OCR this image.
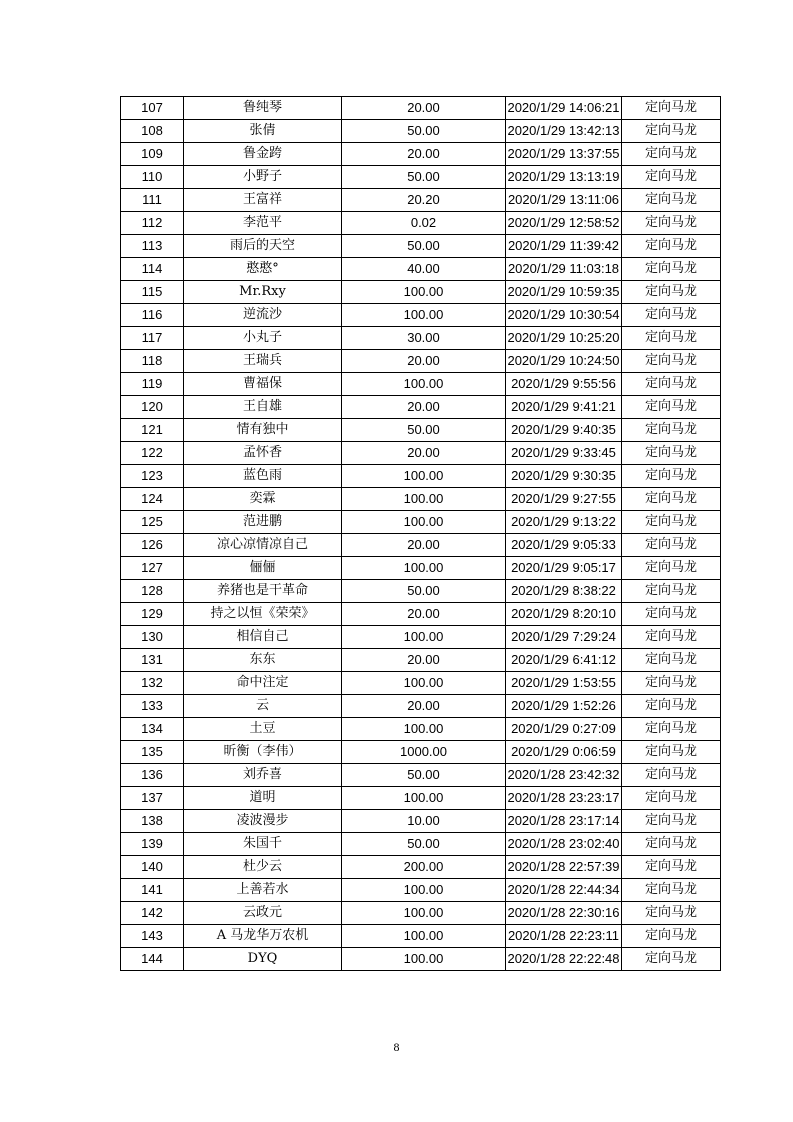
107	鲁纯琴	20.00	2020/1/29 14:06:21	定向马龙
108	张倩	50.00	2020/1/29 13:42:13	定向马龙
109	鲁金跨	20.00	2020/1/29 13:37:55	定向马龙
110	小野子	50.00	2020/1/29 13:13:19	定向马龙
111	王富祥	20.20	2020/1/29 13:11:06	定向马龙
112	李范平	0.02	2020/1/29 12:58:52	定向马龙
113	雨后的天空	50.00	2020/1/29 11:39:42	定向马龙
114	憨憨°	40.00	2020/1/29 11:03:18	定向马龙
115	Mr.Rxy	100.00	2020/1/29 10:59:35	定向马龙
116	逆流沙	100.00	2020/1/29 10:30:54	定向马龙
117	小丸子	30.00	2020/1/29 10:25:20	定向马龙
118	王瑞兵	20.00	2020/1/29 10:24:50	定向马龙
119	曹福保	100.00	2020/1/29 9:55:56	定向马龙
120	王自雄	20.00	2020/1/29 9:41:21	定向马龙
121	情有独中	50.00	2020/1/29 9:40:35	定向马龙
122	孟怀香	20.00	2020/1/29 9:33:45	定向马龙
123	蓝色雨	100.00	2020/1/29 9:30:35	定向马龙
124	奕霖	100.00	2020/1/29 9:27:55	定向马龙
125	范进鹏	100.00	2020/1/29 9:13:22	定向马龙
126	凉心凉情凉自己	20.00	2020/1/29 9:05:33	定向马龙
127	俪俪	100.00	2020/1/29 9:05:17	定向马龙
128	养猪也是干革命	50.00	2020/1/29 8:38:22	定向马龙
129	持之以恒《荣荣》	20.00	2020/1/29 8:20:10	定向马龙
130	相信自己	100.00	2020/1/29 7:29:24	定向马龙
131	东东	20.00	2020/1/29 6:41:12	定向马龙
132	命中注定	100.00	2020/1/29 1:53:55	定向马龙
133	云	20.00	2020/1/29 1:52:26	定向马龙
134	土豆	100.00	2020/1/29 0:27:09	定向马龙
135	昕衡（李伟）	1000.00	2020/1/29 0:06:59	定向马龙
136	刘乔喜	50.00	2020/1/28 23:42:32	定向马龙
137	道明	100.00	2020/1/28 23:23:17	定向马龙
138	凌波漫步	10.00	2020/1/28 23:17:14	定向马龙
139	朱国千	50.00	2020/1/28 23:02:40	定向马龙
140	杜少云	200.00	2020/1/28 22:57:39	定向马龙
141	上善若水	100.00	2020/1/28 22:44:34	定向马龙
142	云政元	100.00	2020/1/28 22:30:16	定向马龙
143	A 马龙华万农机	100.00	2020/1/28 22:23:11	定向马龙
144	DYQ	100.00	2020/1/28 22:22:48	定向马龙
8
